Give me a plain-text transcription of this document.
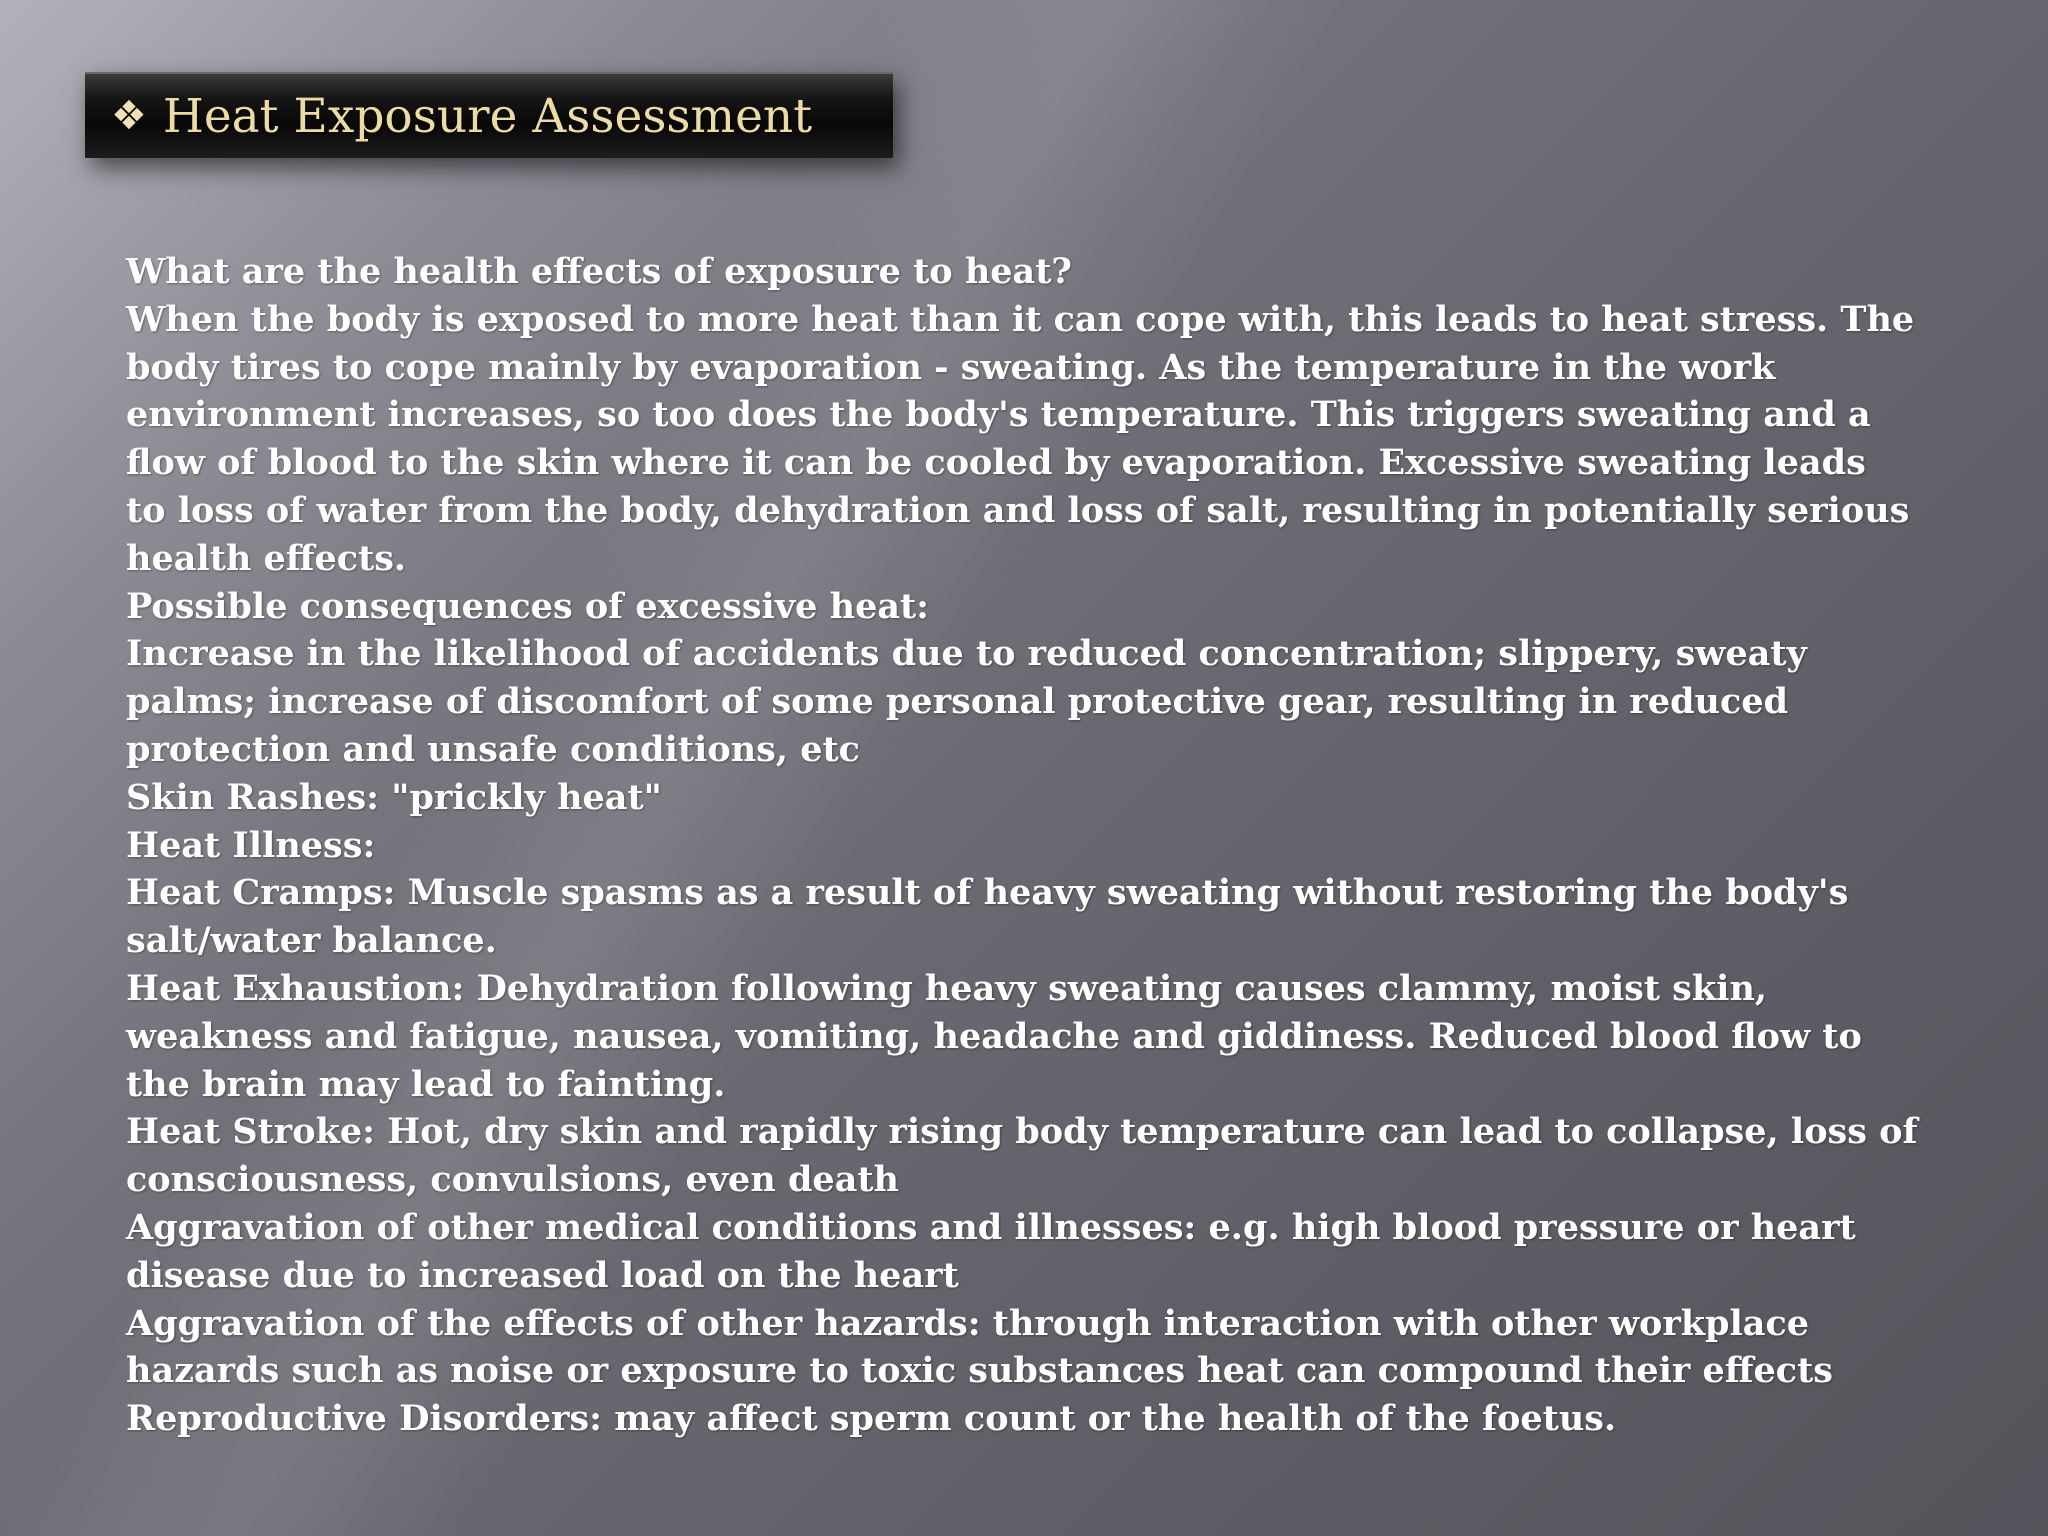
❖ Heat Exposure Assessment
What are the health effects of exposure to heat?
When the body is exposed to more heat than it can cope with, this leads to heat stress. The
body tires to cope mainly by evaporation - sweating. As the temperature in the work
environment increases, so too does the body's temperature. This triggers sweating and a
flow of blood to the skin where it can be cooled by evaporation. Excessive sweating leads
to loss of water from the body, dehydration and loss of salt, resulting in potentially serious
health effects.
Possible consequences of excessive heat:
Increase in the likelihood of accidents due to reduced concentration; slippery, sweaty
palms; increase of discomfort of some personal protective gear, resulting in reduced
protection and unsafe conditions, etc
Skin Rashes: "prickly heat"
Heat Illness:
Heat Cramps: Muscle spasms as a result of heavy sweating without restoring the body's
salt/water balance.
Heat Exhaustion: Dehydration following heavy sweating causes clammy, moist skin,
weakness and fatigue, nausea, vomiting, headache and giddiness. Reduced blood flow to
the brain may lead to fainting.
Heat Stroke: Hot, dry skin and rapidly rising body temperature can lead to collapse, loss of
consciousness, convulsions, even death
Aggravation of other medical conditions and illnesses: e.g. high blood pressure or heart
disease due to increased load on the heart
Aggravation of the effects of other hazards: through interaction with other workplace
hazards such as noise or exposure to toxic substances heat can compound their effects
Reproductive Disorders: may affect sperm count or the health of the foetus.
